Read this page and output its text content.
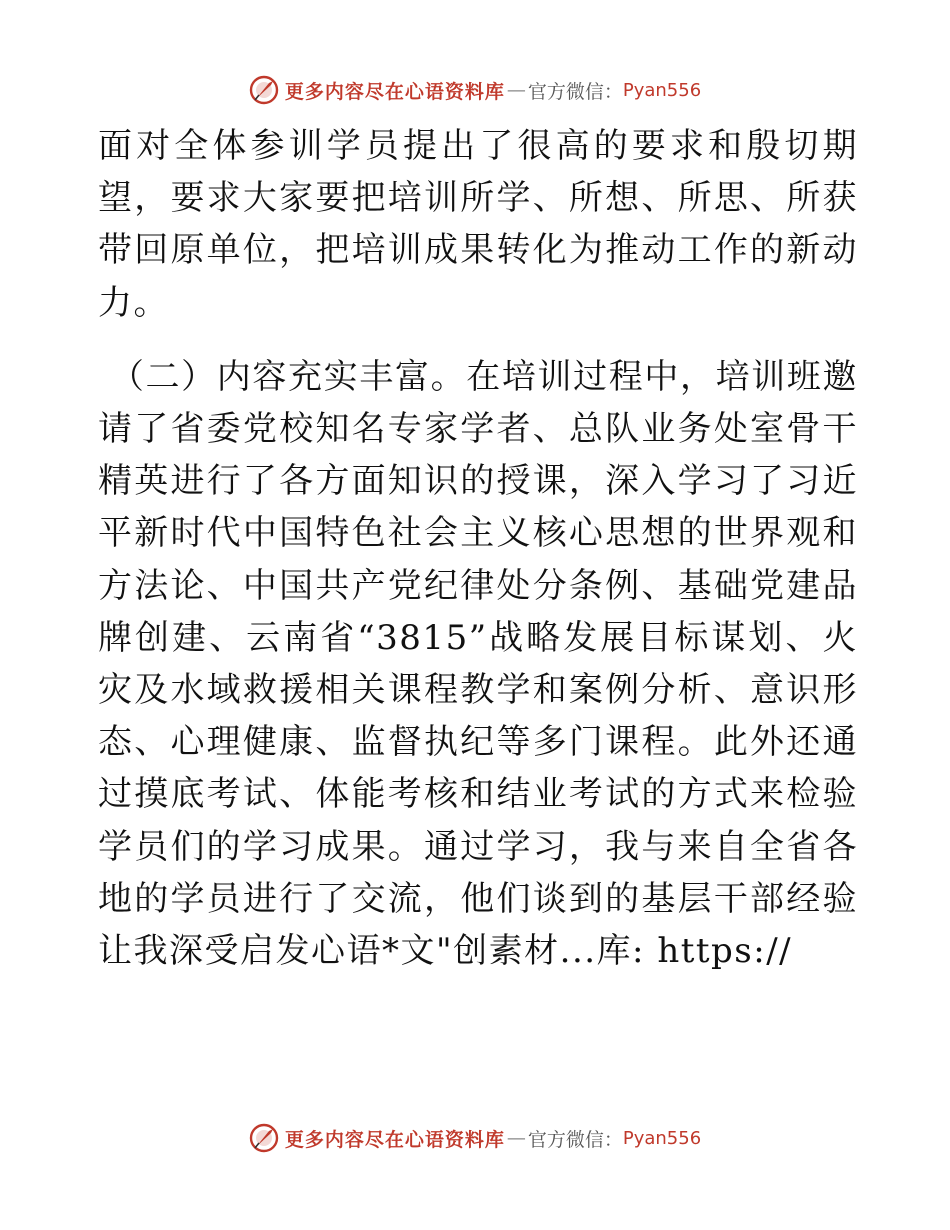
更多内容尽在心语资料库 — 官方微信： Pyan556

面对全体参训学员提出了很高的要求和殷切期望，要求大家要把培训所学、所想、所思、所获带回原单位，把培训成果转化为推动工作的新动力。

（二）内容充实丰富。在培训过程中，培训班邀请了省委党校知名专家学者、总队业务处室骨干精英进行了各方面知识的授课，深入学习了习近平新时代中国特色社会主义核心思想的世界观和方法论、中国共产党纪律处分条例、基础党建品牌创建、云南省“3815”战略发展目标谋划、火灾及水域救援相关课程教学和案例分析、意识形态、心理健康、监督执纪等多门课程。此外还通过摸底考试、体能考核和结业考试的方式来检验学员们的学习成果。通过学习，我与来自全省各地的学员进行了交流，他们谈到的基层干部经验让我深受启发心语*文"创素材...库: https://

更多内容尽在心语资料库 — 官方微信： Pyan556
